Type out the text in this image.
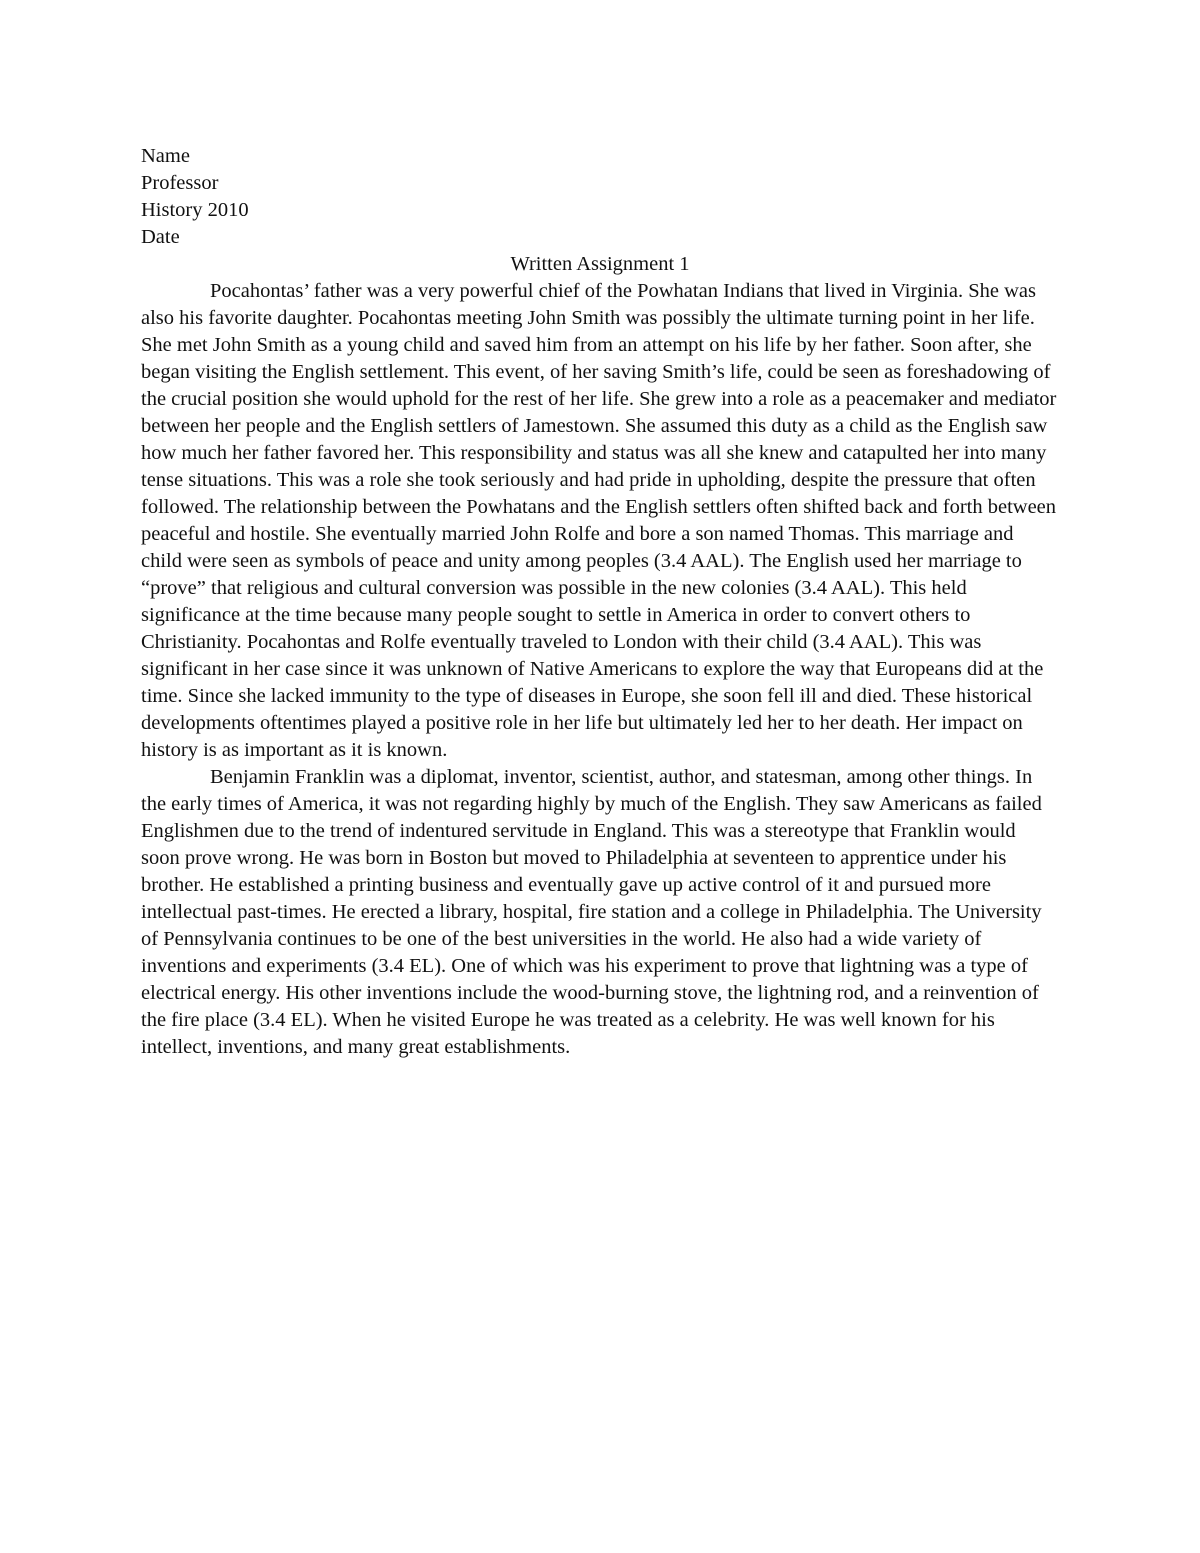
Name

Professor

History 2010

Date

Written Assignment 1

Pocahontas’ father was a very powerful chief of the Powhatan Indians that lived in Virginia. She was also his favorite daughter. Pocahontas meeting John Smith was possibly the ultimate turning point in her life. She met John Smith as a young child and saved him from an attempt on his life by her father. Soon after, she began visiting the English settlement. This event, of her saving Smith’s life, could be seen as foreshadowing of the crucial position she would uphold for the rest of her life. She grew into a role as a peacemaker and mediator between her people and the English settlers of Jamestown. She assumed this duty as a child as the English saw how much her father favored her. This responsibility and status was all she knew and catapulted her into many tense situations. This was a role she took seriously and had pride in upholding, despite the pressure that often followed. The relationship between the Powhatans and the English settlers often shifted back and forth between peaceful and hostile. She eventually married John Rolfe and bore a son named Thomas. This marriage and child were seen as symbols of peace and unity among peoples (3.4 AAL). The English used her marriage to “prove” that religious and cultural conversion was possible in the new colonies (3.4 AAL). This held significance at the time because many people sought to settle in America in order to convert others to Christianity. Pocahontas and Rolfe eventually traveled to London with their child (3.4 AAL). This was significant in her case since it was unknown of Native Americans to explore the way that Europeans did at the time. Since she lacked immunity to the type of diseases in Europe, she soon fell ill and died. These historical developments oftentimes played a positive role in her life but ultimately led her to her death. Her impact on history is as important as it is known.

Benjamin Franklin was a diplomat, inventor, scientist, author, and statesman, among other things. In the early times of America, it was not regarding highly by much of the English. They saw Americans as failed Englishmen due to the trend of indentured servitude in England. This was a stereotype that Franklin would soon prove wrong. He was born in Boston but moved to Philadelphia at seventeen to apprentice under his brother. He established a printing business and eventually gave up active control of it and pursued more intellectual past-times. He erected a library, hospital, fire station and a college in Philadelphia. The University of Pennsylvania continues to be one of the best universities in the world. He also had a wide variety of inventions and experiments (3.4 EL). One of which was his experiment to prove that lightning was a type of electrical energy. His other inventions include the wood-burning stove, the lightning rod, and a reinvention of the fire place (3.4 EL). When he visited Europe he was treated as a celebrity. He was well known for his intellect, inventions, and many great establishments.
